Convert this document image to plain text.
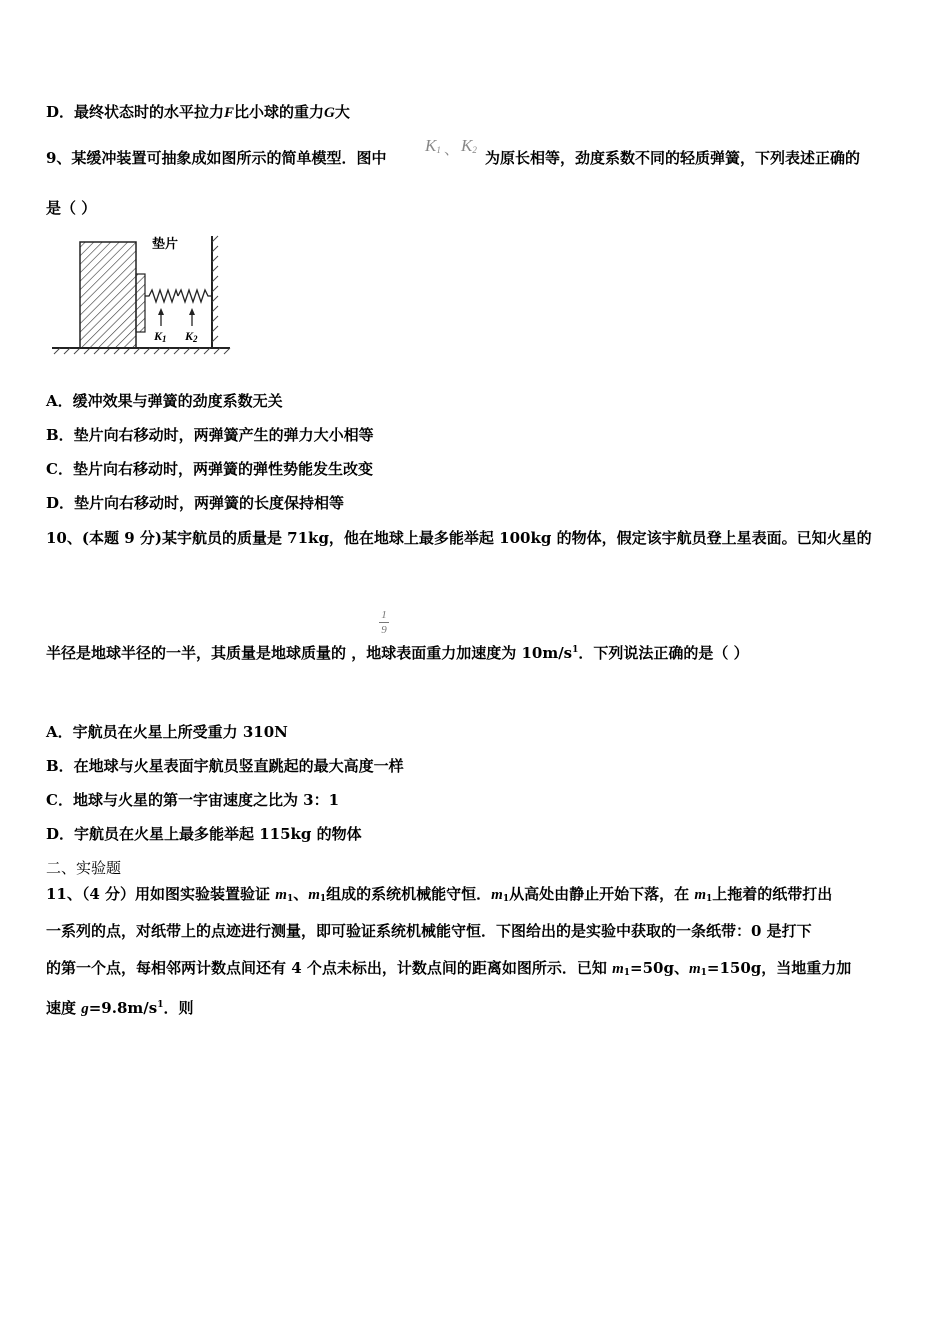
D．最终状态时的水平拉力F比小球的重力G大
9、某缓冲装置可抽象成如图所示的简单模型．图中
$K_1$ 、 $K_2$ 为原长相等，劲度系数不同的轻质弹簧，下列表述正确的
是（ ）
垫片
$K_1$ $K_2$
A．缓冲效果与弹簧的劲度系数无关
B．垫片向右移动时，两弹簧产生的弹力大小相等
C．垫片向右移动时，两弹簧的弹性势能发生改变
D．垫片向右移动时，两弹簧的长度保持相等
10、(本题 9 分)某宇航员的质量是 71kg，他在地球上最多能举起 100kg 的物体，假定该宇航员登上星表面。已知火星的
1
9
半径是地球半径的一半，其质量是地球质量的 ，地球表面重力加速度为 $10m/s^1$．下列说法正确的是（ ）
A．宇航员在火星上所受重力 310N
B．在地球与火星表面宇航员竖直跳起的最大高度一样
C．地球与火星的第一宇宙速度之比为 3：1
D．宇航员在火星上最多能举起 115kg 的物体
二、实验题
11、（4 分）用如图实验装置验证 $m_1$、$m_1$组成的系统机械能守恒．$m_1$从高处由静止开始下落，在 $m_1$上拖着的纸带打出
一系列的点，对纸带上的点迹进行测量，即可验证系统机械能守恒．下图给出的是实验中获取的一条纸带：0 是打下
的第一个点，每相邻两计数点间还有 4 个点未标出，计数点间的距离如图所示．已知 $m_1=50g$、$m_1=150g$，当地重力加
速度 $g=9.8m/s^1$．则
